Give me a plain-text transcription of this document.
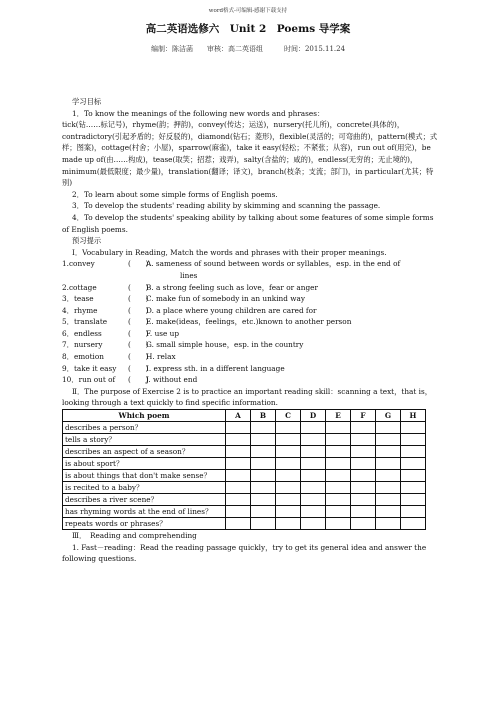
word格式-可编辑-感谢下载支持
高二英语选修六　Unit 2　Poems 导学案
编制：陈洁菡　　审核：高二英语组　　　时间：2015.11.24

学习目标

1．To know the meanings of the following new words and phrases：

tick(钻……标记号)，rhyme(韵；押韵)，convey(传达；运送)，nursery(托儿所)，concrete(具体的)，contradictory(引起矛盾的；好反驳的)，diamond(钻石；菱形)，flexible(灵活的；可弯曲的)，pattern(模式；式样；图案)，cottage(村舍；小屋)，sparrow(麻雀)，take it easy(轻松；不紧张；从容)，run out of(用完)，be made up of(由……构成)，tease(取笑；招惹；戏弄)，salty(含盐的；咸的)，endless(无穷的；无止境的)，minimum(最低限度；最少量)，translation(翻译；译文)，branch(枝条；支流；部门)，in particular(尤其；特别)

2．To learn about some simple forms of English poems.

3．To develop the students' reading ability by skimming and scanning the passage.

4．To develop the students' speaking ability by talking about some features of some simple forms of English poems.

预习提示

Ⅰ．Vocabulary in Reading, Match the words and phrases with their proper meanings.

1.convey	(　　)
A. sameness of sound between words or syllables，esp. in the end of

lines

2.cottage	(　　)
B. a strong feeling such as love，fear or anger
3．tease	(　　)
C. make fun of somebody in an unkind way
4．rhyme	(　　)
D. a place where young children are cared for
5．translate	(　　)
E. make(ideas，feelings，etc.)known to another person
6．endless	(　　)
F. use up
7．nursery	(　　)
G. small simple house，esp. in the country
8．emotion	(　　)
H. relax
9．take it easy (　　)
I. express sth. in a different language
10．run out of (　　)
J. without end

Ⅱ．The purpose of Exercise 2 is to practice an important reading skill：scanning a text，that is，looking through a text quickly to find specific information.

Which poem	A	B	C	D	E	F	G	H
describes a person？								
tells a story？								
describes an aspect of a season？								
is about sport？								
is about things that don't make sense？								
is recited to a baby？								
describes a river scene？								
has rhyming words at the end of lines？								
repeats words or phrases？								

Ⅲ．　Reading and comprehending

1. Fast－reading：Read the reading passage quickly，try to get its general idea and answer the following questions.
